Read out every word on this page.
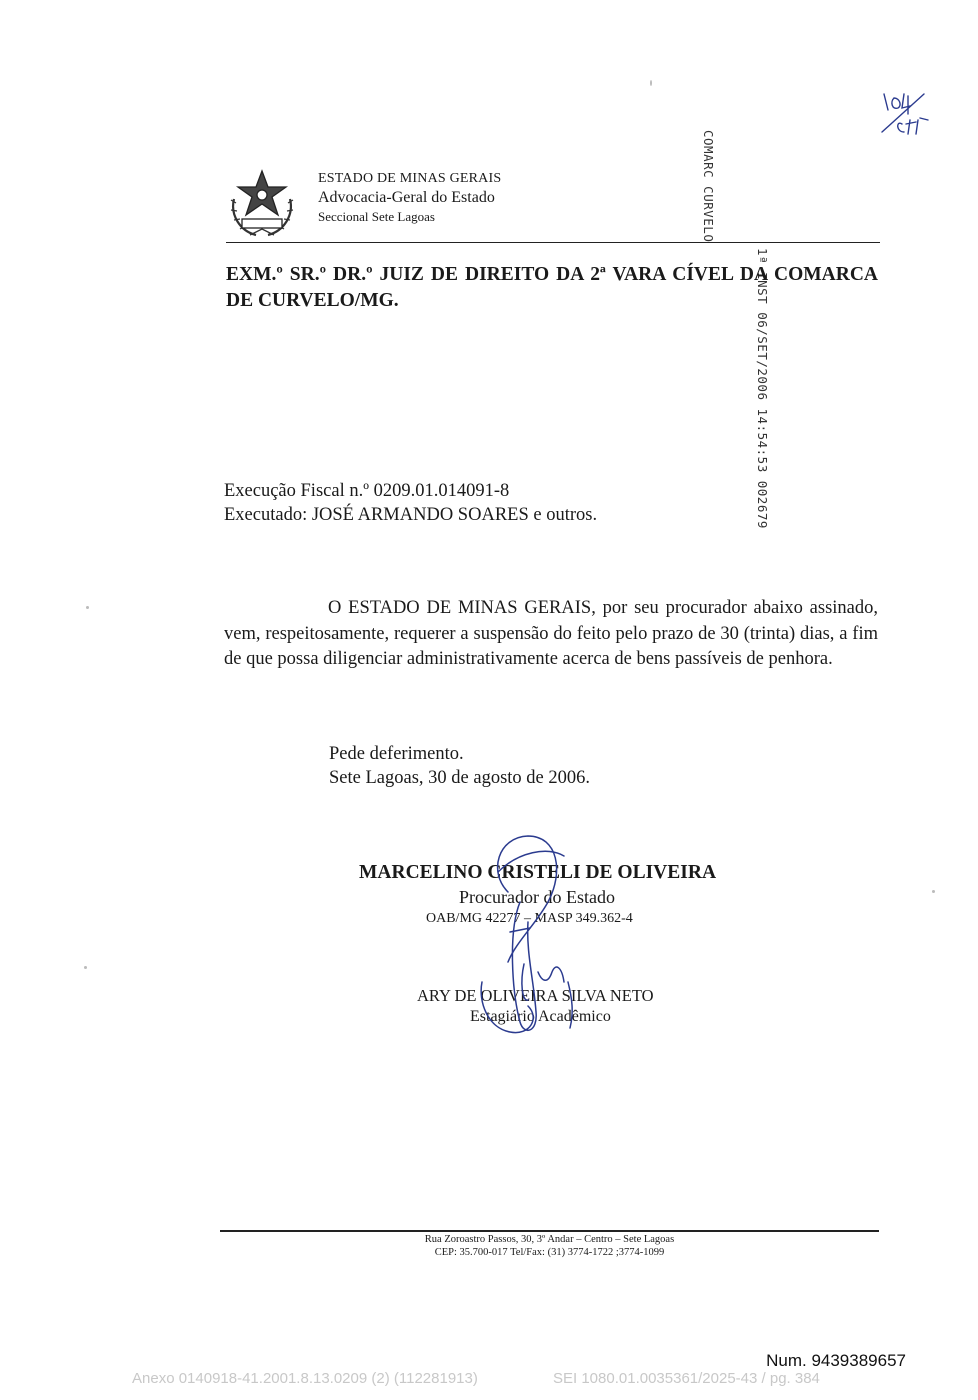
ESTADO DE MINAS GERAIS
Advocacia-Geral do Estado
Seccional Sete Lagoas	COMARC CURVELO
1ª INST 06/SET/2006 14:54:53 002679
EXM.º SR.º DR.º JUIZ DE DIREITO DA 2ª VARA CÍVEL DA COMARCA DE CURVELO/MG.
Execução Fiscal n.º 0209.01.014091-8
Executado: JOSÉ ARMANDO SOARES e outros.
O ESTADO DE MINAS GERAIS, por seu procurador abaixo assinado, vem, respeitosamente, requerer a suspensão do feito pelo prazo de 30 (trinta) dias, a fim de que possa diligenciar administrativamente acerca de bens passíveis de penhora.
Pede deferimento.
Sete Lagoas, 30 de agosto de 2006.
MARCELINO CRISTELI DE OLIVEIRA
Procurador do Estado
OAB/MG 42277 – MASP 349.362-4
ARY DE OLIVEIRA SILVA NETO
Estagiário Acadêmico
Rua Zoroastro Passos, 30, 3º Andar – Centro – Sete Lagoas
CEP: 35.700-017 Tel/Fax: (31) 3774-1722 ;3774-1099
Num. 9439389657
Anexo 0140918-41.2001.8.13.0209 (2) (112281913)	SEI 1080.01.0035361/2025-43 / pg. 384
